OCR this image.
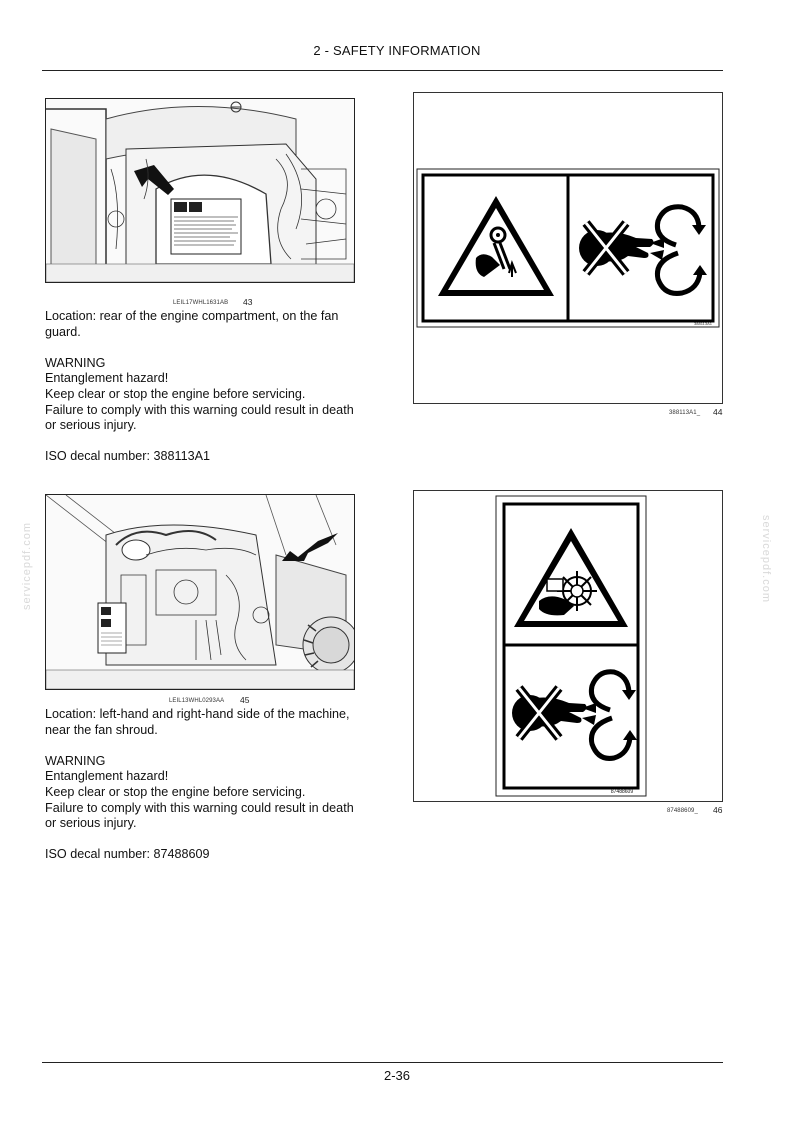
2 - SAFETY INFORMATION
LEIL17WHL1631AB 43

Location: rear of the engine compartment, on the fan

guard.

WARNING

Entanglement hazard!

Keep clear or stop the engine before servicing.

Failure to comply with this warning could result in death

or serious injury.

ISO decal number: 388113A1

388113A1
388113A1_ 44
LEIL13WHL0293AA 45

Location: left-hand and right-hand side of the machine,

near the fan shroud.

WARNING

Entanglement hazard!

Keep clear or stop the engine before servicing.

Failure to comply with this warning could result in death

or serious injury.

ISO decal number: 87488609

87488609
87488609_ 46
servicepdf.com	servicepdf.com
2-36
